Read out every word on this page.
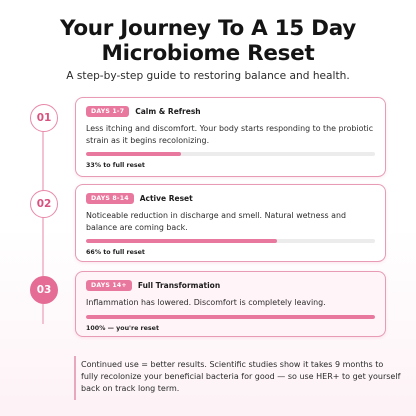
Your Journey To A 15 Day
Microbiome Reset
A step-by-step guide to restoring balance and health.
01
DAYS 1-7	Calm & Refresh
Less itching and discomfort. Your body starts responding to the probiotic strain as it begins recolonizing.
33% to full reset
02	DAYS 8-14	Active Reset
Noticeable reduction in discharge and smell. Natural wetness and balance are coming back.
66% to full reset
03	DAYS 14+	Full Transformation
Inflammation has lowered. Discomfort is completely leaving.
100% — you're reset
Continued use = better results. Scientific studies show it takes 9 months to fully recolonize your beneficial bacteria for good — so use HER+ to get yourself back on track long term.
